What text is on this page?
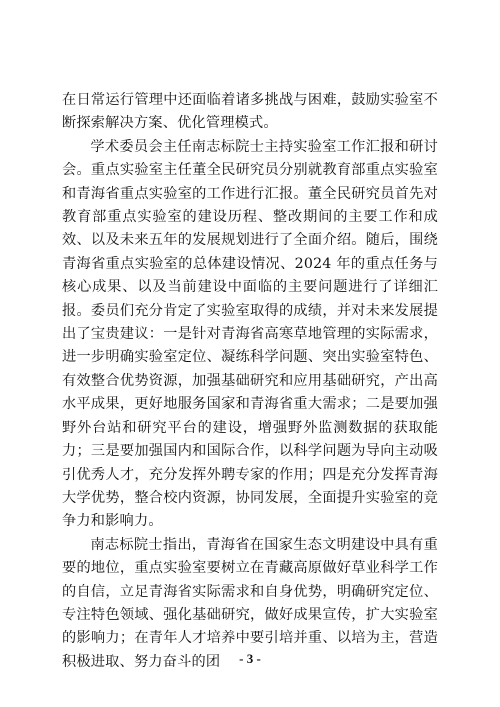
在日常运行管理中还面临着诸多挑战与困难，鼓励实验室不断探索解决方案、优化管理模式。

学术委员会主任南志标院士主持实验室工作汇报和研讨会。重点实验室主任董全民研究员分别就教育部重点实验室和青海省重点实验室的工作进行汇报。董全民研究员首先对教育部重点实验室的建设历程、整改期间的主要工作和成效、以及未来五年的发展规划进行了全面介绍。随后，围绕青海省重点实验室的总体建设情况、2024 年的重点任务与核心成果、以及当前建设中面临的主要问题进行了详细汇报。委员们充分肯定了实验室取得的成绩，并对未来发展提出了宝贵建议：一是针对青海省高寒草地管理的实际需求，进一步明确实验室定位、凝练科学问题、突出实验室特色、有效整合优势资源，加强基础研究和应用基础研究，产出高水平成果，更好地服务国家和青海省重大需求；二是要加强野外台站和研究平台的建设，增强野外监测数据的获取能力；三是要加强国内和国际合作，以科学问题为导向主动吸引优秀人才，充分发挥外聘专家的作用；四是充分发挥青海大学优势，整合校内资源，协同发展，全面提升实验室的竞争力和影响力。

南志标院士指出，青海省在国家生态文明建设中具有重要的地位，重点实验室要树立在青藏高原做好草业科学工作的自信，立足青海省实际需求和自身优势，明确研究定位、专注特色领域、强化基础研究，做好成果宣传，扩大实验室的影响力；在青年人才培养中要引培并重、以培为主，营造积极进取、努力奋斗的团	- 3 -
